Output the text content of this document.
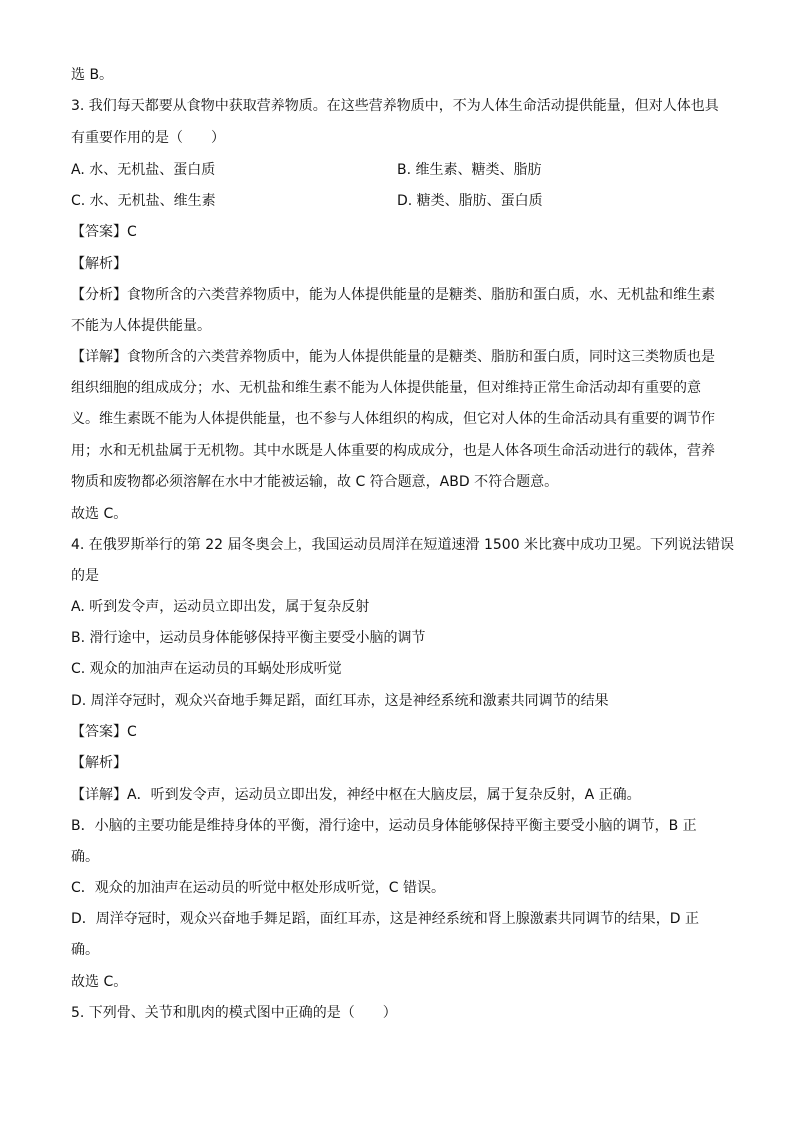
选 B。
3. 我们每天都要从食物中获取营养物质。在这些营养物质中，不为人体生命活动提供能量，但对人体也具
有重要作用的是（　　）
A. 水、无机盐、蛋白质	B. 维生素、糖类、脂肪
C. 水、无机盐、维生素	D. 糖类、脂肪、蛋白质
【答案】C
【解析】
【分析】食物所含的六类营养物质中，能为人体提供能量的是糖类、脂肪和蛋白质，水、无机盐和维生素
不能为人体提供能量。
【详解】食物所含的六类营养物质中，能为人体提供能量的是糖类、脂肪和蛋白质，同时这三类物质也是
组织细胞的组成成分；水、无机盐和维生素不能为人体提供能量，但对维持正常生命活动却有重要的意
义。维生素既不能为人体提供能量，也不参与人体组织的构成，但它对人体的生命活动具有重要的调节作
用；水和无机盐属于无机物。其中水既是人体重要的构成成分，也是人体各项生命活动进行的载体，营养
物质和废物都必须溶解在水中才能被运输，故 C 符合题意，ABD 不符合题意。
故选 C。
4. 在俄罗斯举行的第 22 届冬奥会上，我国运动员周洋在短道速滑 1500 米比赛中成功卫冕。下列说法错误
的是
A. 听到发令声，运动员立即出发，属于复杂反射
B. 滑行途中，运动员身体能够保持平衡主要受小脑的调节
C. 观众的加油声在运动员的耳蜗处形成听觉
D. 周洋夺冠时，观众兴奋地手舞足蹈，面红耳赤，这是神经系统和激素共同调节的结果
【答案】C
【解析】
【详解】A．听到发令声，运动员立即出发，神经中枢在大脑皮层，属于复杂反射，A 正确。
B．小脑的主要功能是维持身体的平衡，滑行途中，运动员身体能够保持平衡主要受小脑的调节，B 正
确。
C．观众的加油声在运动员的听觉中枢处形成听觉，C 错误。
D．周洋夺冠时，观众兴奋地手舞足蹈，面红耳赤，这是神经系统和肾上腺激素共同调节的结果，D 正
确。
故选 C。
5. 下列骨、关节和肌肉的模式图中正确的是（　　）
